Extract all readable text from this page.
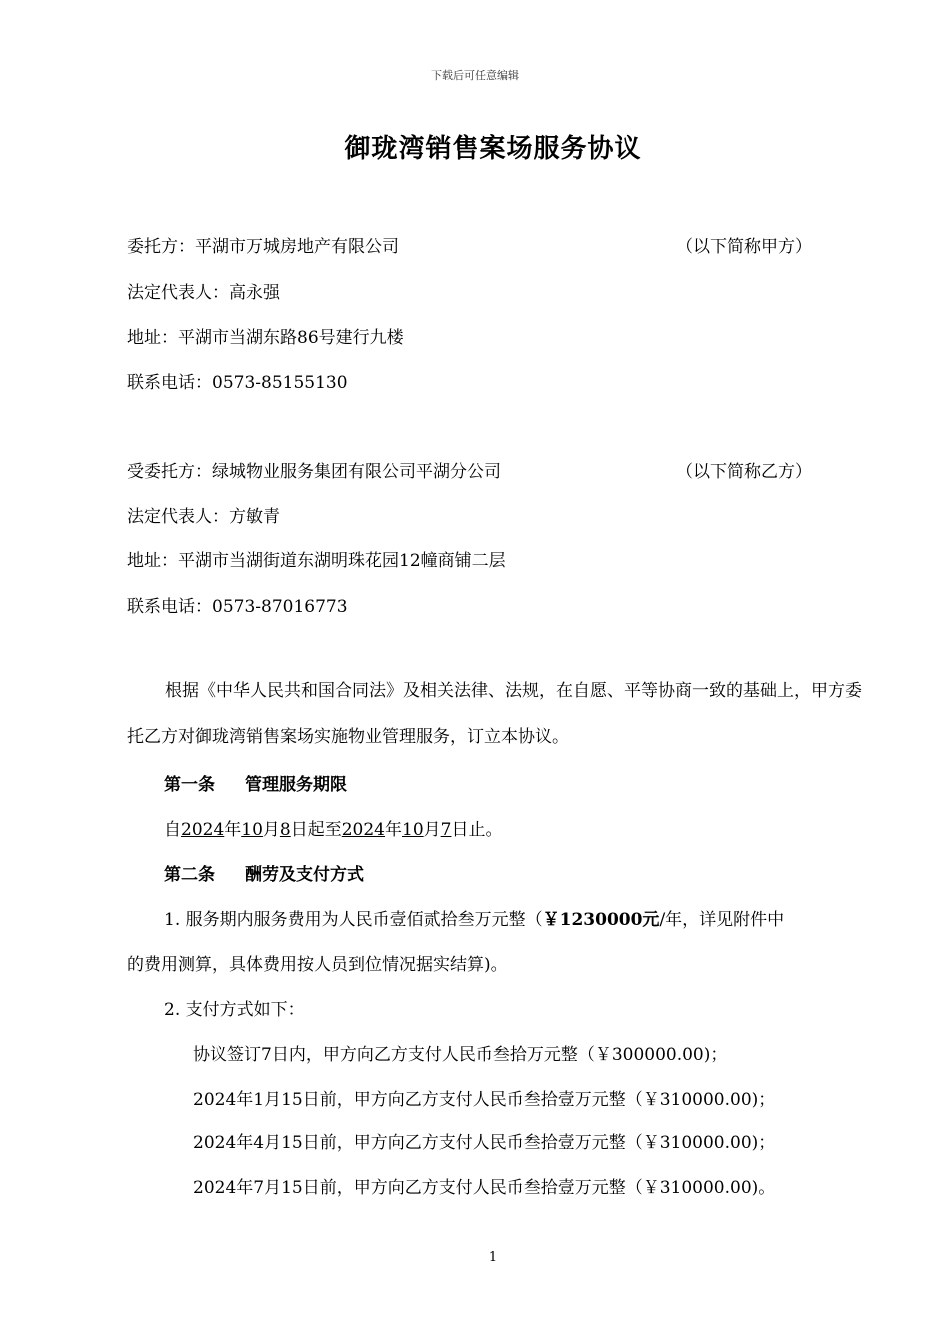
下载后可任意编辑
御珑湾销售案场服务协议
委托方：平湖市万城房地产有限公司	（以下简称甲方）
法定代表人：高永强
地址：平湖市当湖东路86号建行九楼
联系电话：0573-85155130
受委托方：绿城物业服务集团有限公司平湖分公司	（以下简称乙方）
法定代表人：方敏青
地址：平湖市当湖街道东湖明珠花园12幢商铺二层
联系电话：0573-87016773
根据《中华人民共和国合同法》及相关法律、法规，在自愿、平等协商一致的基础上，甲方委托乙方对御珑湾销售案场实施物业管理服务，订立本协议。
第一条 管理服务期限
自2024年10月8日起至2024年10月7日止。
第二条 酬劳及支付方式
1. 服务期内服务费用为人民币壹佰贰拾叁万元整（￥1230000元/年，详见附件中
的费用测算，具体费用按人员到位情况据实结算)。
2. 支付方式如下：
协议签订7日内，甲方向乙方支付人民币叁拾万元整（￥300000.00)；
2024年1月15日前，甲方向乙方支付人民币叁拾壹万元整（￥310000.00)；
2024年4月15日前，甲方向乙方支付人民币叁拾壹万元整（￥310000.00)；
2024年7月15日前，甲方向乙方支付人民币叁拾壹万元整（￥310000.00)。
1
